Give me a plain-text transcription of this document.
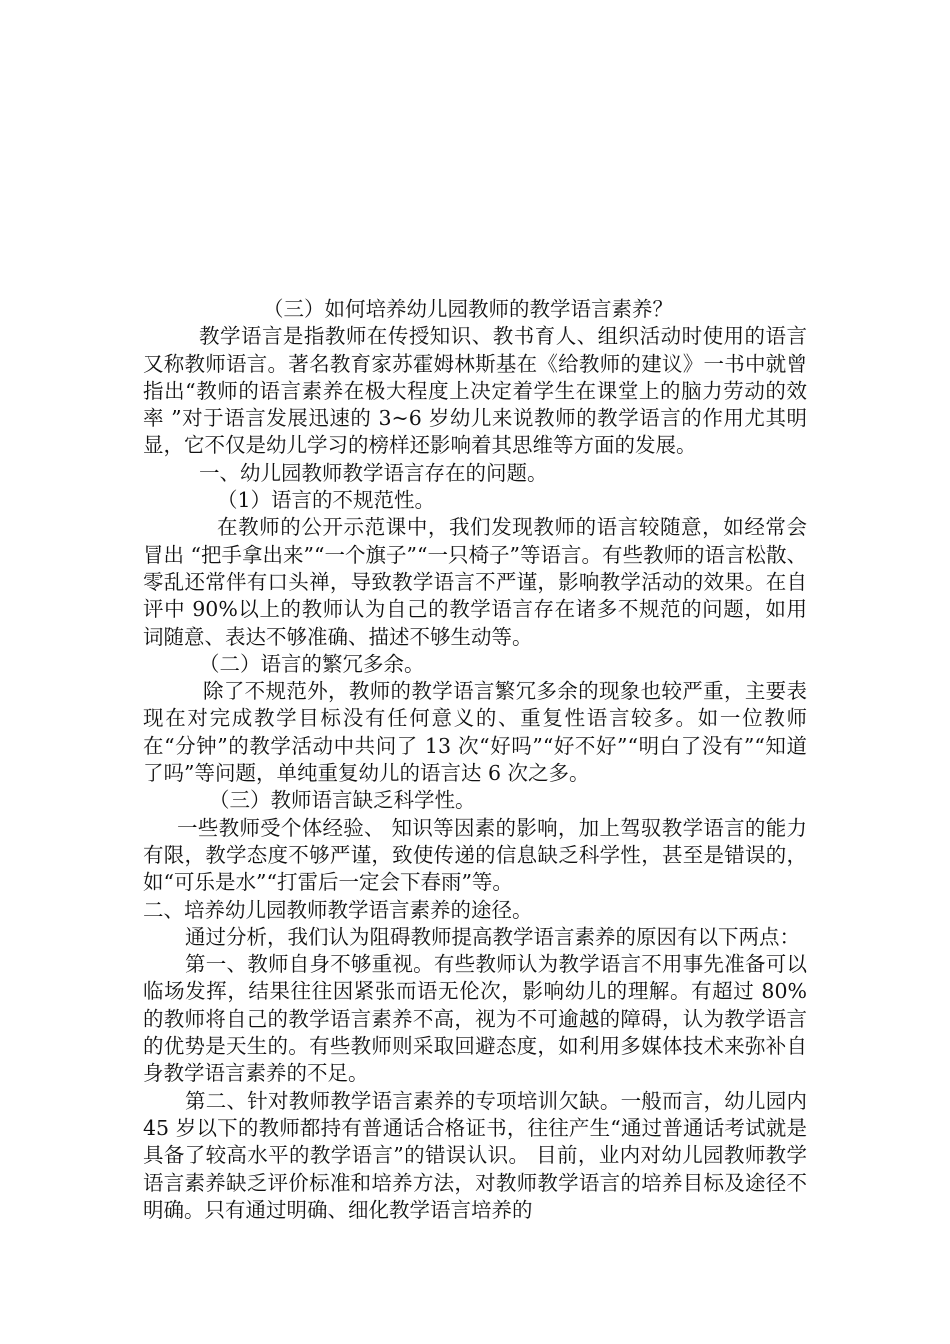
（三）如何培养幼儿园教师的教学语言素养？

教学语言是指教师在传授知识、教书育人、组织活动时使用的语言又称教师语言。著名教育家苏霍姆林斯基在《给教师的建议》一书中就曾指出“教师的语言素养在极大程度上决定着学生在课堂上的脑力劳动的效率 ”对于语言发展迅速的 3~6 岁幼儿来说教师的教学语言的作用尤其明显，它不仅是幼儿学习的榜样还影响着其思维等方面的发展。

一、幼儿园教师教学语言存在的问题。

（1）语言的不规范性。

在教师的公开示范课中，我们发现教师的语言较随意，如经常会冒出 “把手拿出来”“一个旗子”“一只椅子”等语言。有些教师的语言松散、零乱还常伴有口头禅，导致教学语言不严谨，影响教学活动的效果。在自评中 90%以上的教师认为自己的教学语言存在诸多不规范的问题，如用词随意、表达不够准确、描述不够生动等。

（二）语言的繁冗多余。

除了不规范外，教师的教学语言繁冗多余的现象也较严重，主要表现在对完成教学目标没有任何意义的、重复性语言较多。如一位教师在“分钟”的教学活动中共问了 13 次“好吗”“好不好”“明白了没有”“知道了吗”等问题，单纯重复幼儿的语言达 6 次之多。

（三）教师语言缺乏科学性。

一些教师受个体经验、 知识等因素的影响，加上驾驭教学语言的能力有限，教学态度不够严谨，致使传递的信息缺乏科学性，甚至是错误的，如“可乐是水”“打雷后一定会下春雨”等。

二、培养幼儿园教师教学语言素养的途径。

通过分析，我们认为阻碍教师提高教学语言素养的原因有以下两点：

第一、教师自身不够重视。有些教师认为教学语言不用事先准备可以临场发挥，结果往往因紧张而语无伦次，影响幼儿的理解。有超过 80%的教师将自己的教学语言素养不高，视为不可逾越的障碍，认为教学语言的优势是天生的。有些教师则采取回避态度，如利用多媒体技术来弥补自身教学语言素养的不足。

第二、针对教师教学语言素养的专项培训欠缺。一般而言，幼儿园内 45 岁以下的教师都持有普通话合格证书，往往产生“通过普通话考试就是具备了较高水平的教学语言”的错误认识。 目前，业内对幼儿园教师教学语言素养缺乏评价标准和培养方法，对教师教学语言的培养目标及途径不明确。只有通过明确、细化教学语言培养的
